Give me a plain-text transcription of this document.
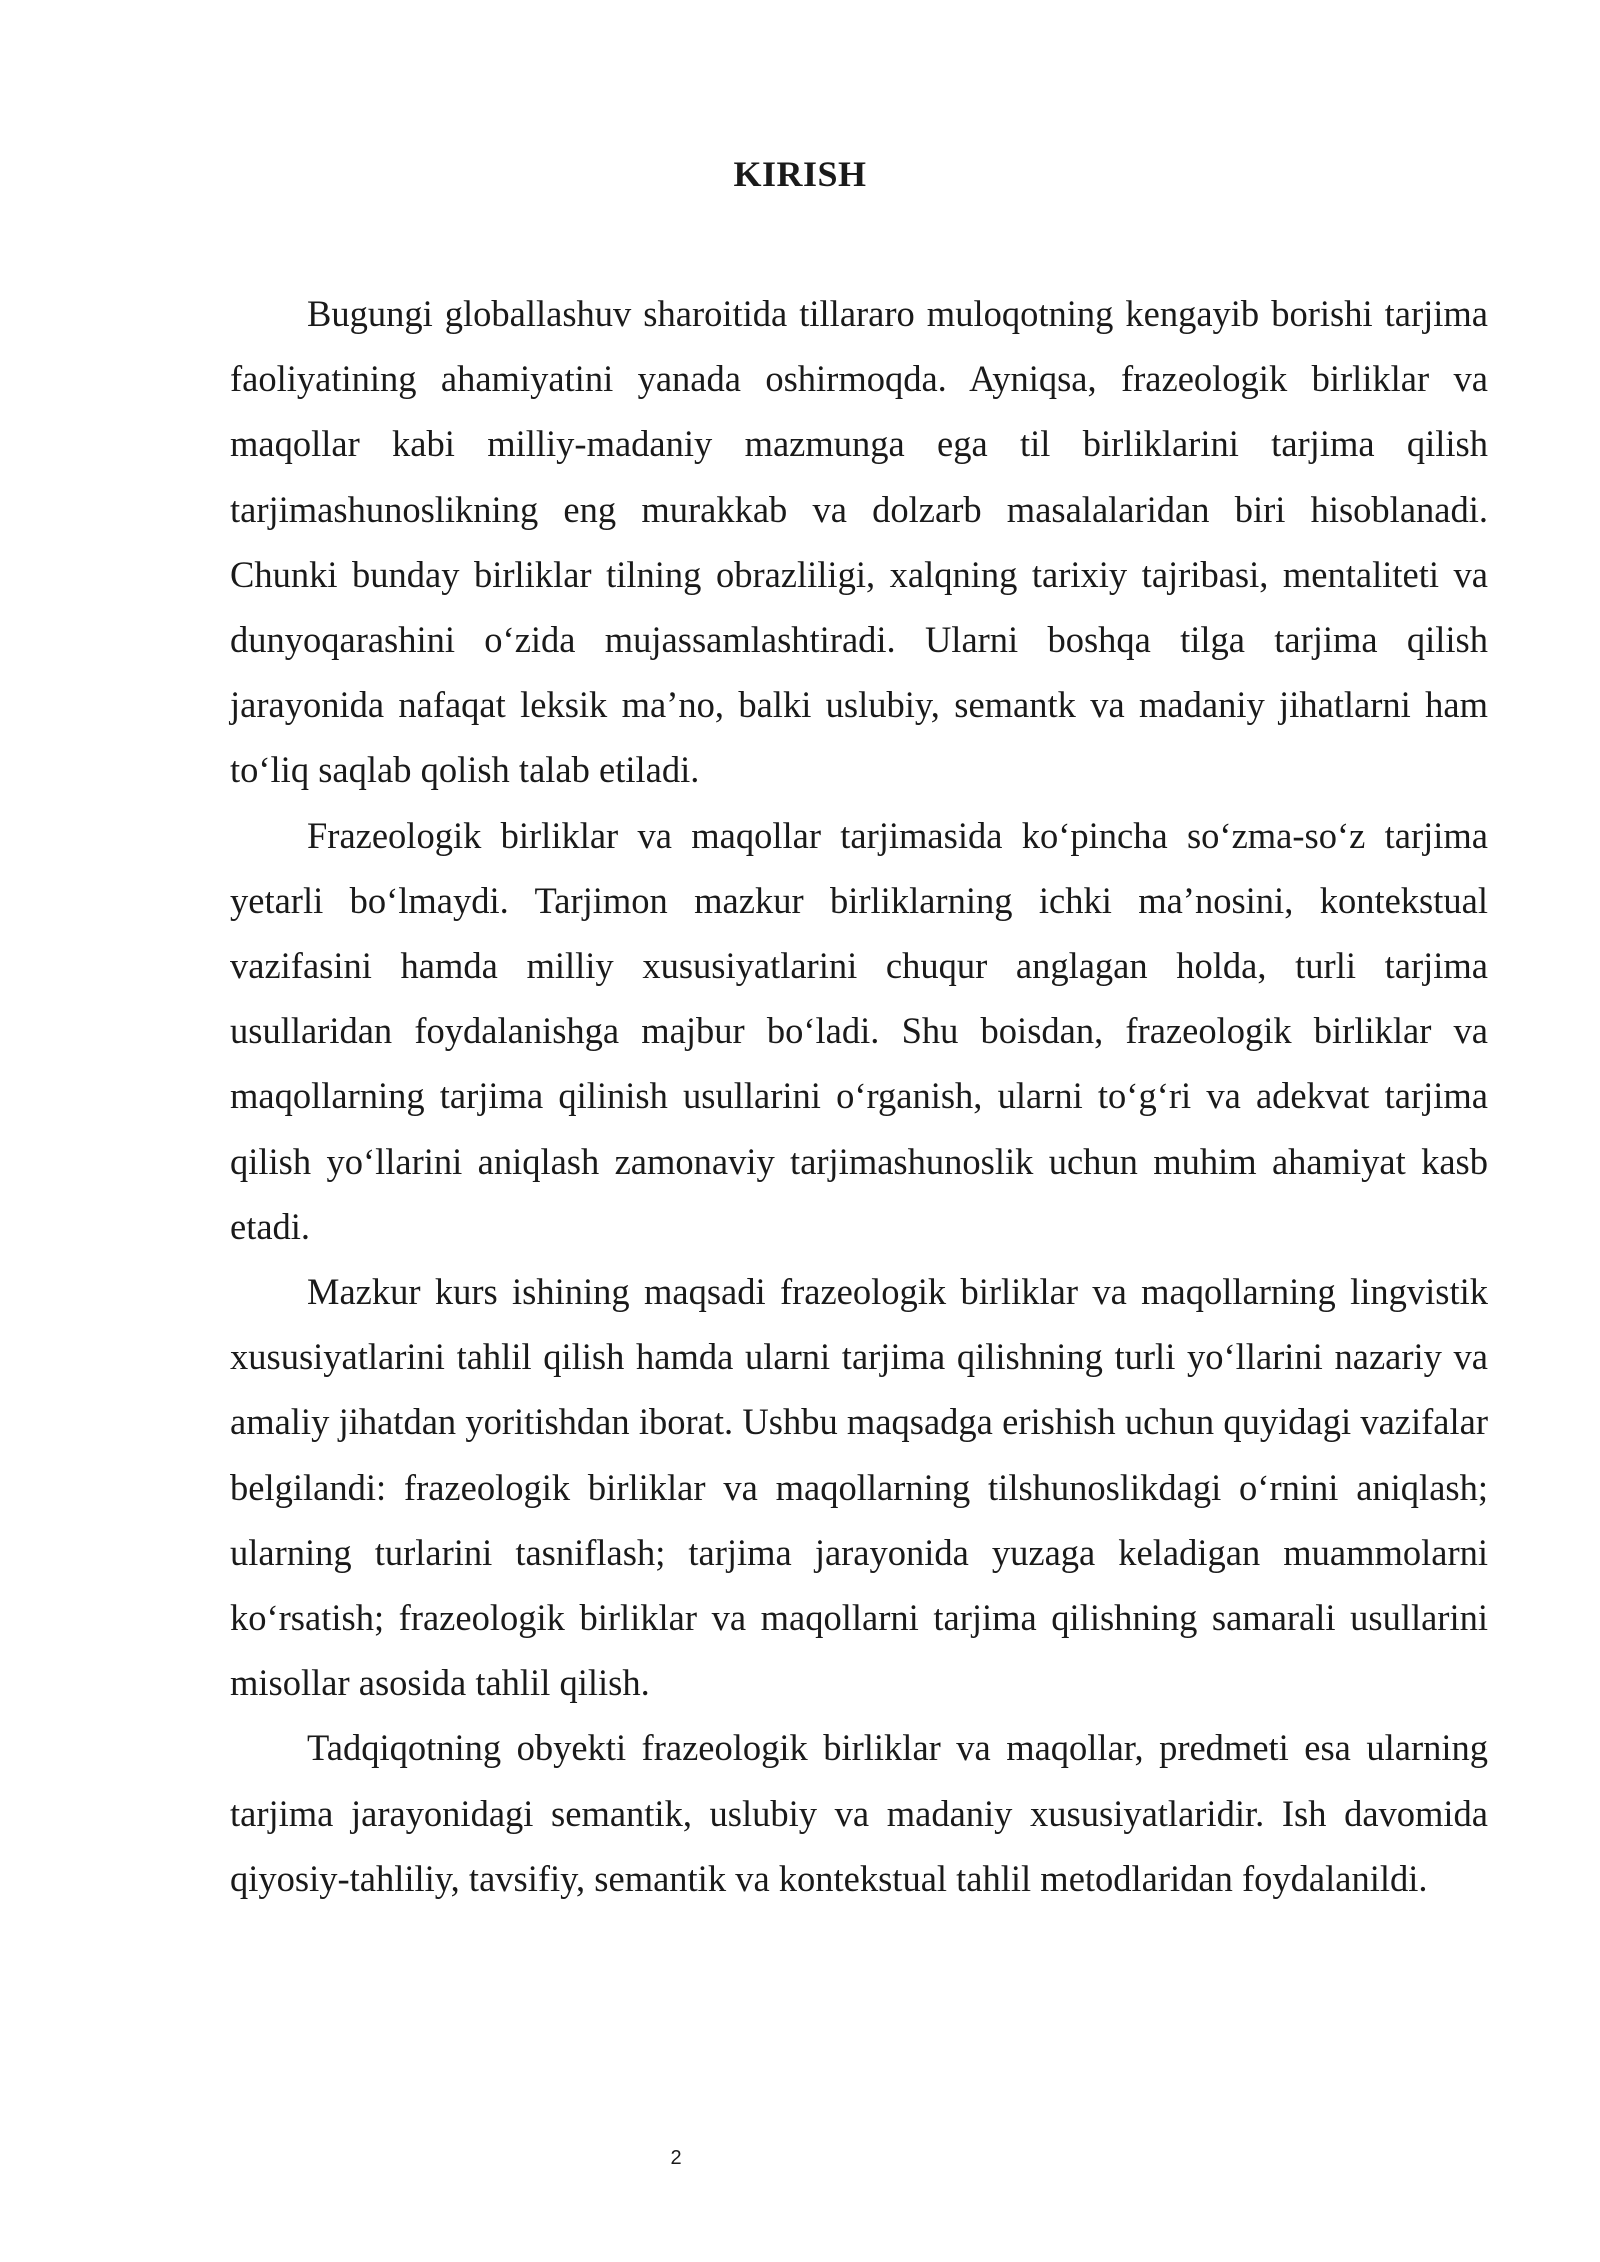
KIRISH

Bugungi globallashuv sharoitida tillararo muloqotning kengayib borishi tarjima faoliyatining ahamiyatini yanada oshirmoqda. Ayniqsa, frazeologik birliklar va maqollar kabi milliy-madaniy mazmunga ega til birliklarini tarjima qilish tarjimashunoslikning eng murakkab va dolzarb masalalaridan biri hisoblanadi. Chunki bunday birliklar tilning obrazliligi, xalqning tarixiy tajribasi, mentaliteti va dunyoqarashini o‘zida mujassamlashtiradi. Ularni boshqa tilga tarjima qilish jarayonida nafaqat leksik ma’no, balki uslubiy, semantk va madaniy jihatlarni ham to‘liq saqlab qolish talab etiladi.

Frazeologik birliklar va maqollar tarjimasida ko‘pincha so‘zma-so‘z tarjima yetarli bo‘lmaydi. Tarjimon mazkur birliklarning ichki ma’nosini, kontekstual vazifasini hamda milliy xususiyatlarini chuqur anglagan holda, turli tarjima usullaridan foydalanishga majbur bo‘ladi. Shu boisdan, frazeologik birliklar va maqollarning tarjima qilinish usullarini o‘rganish, ularni to‘g‘ri va adekvat tarjima qilish yo‘llarini aniqlash zamonaviy tarjimashunoslik uchun muhim ahamiyat kasb etadi.

Mazkur kurs ishining maqsadi frazeologik birliklar va maqollarning lingvistik xususiyatlarini tahlil qilish hamda ularni tarjima qilishning turli yo‘llarini nazariy va amaliy jihatdan yoritishdan iborat. Ushbu maqsadga erishish uchun quyidagi vazifalar belgilandi: frazeologik birliklar va maqollarning tilshunoslikdagi o‘rnini aniqlash; ularning turlarini tasniflash; tarjima jarayonida yuzaga keladigan muammolarni ko‘rsatish; frazeologik birliklar va maqollarni tarjima qilishning samarali usullarini misollar asosida tahlil qilish.

Tadqiqotning obyekti frazeologik birliklar va maqollar, predmeti esa ularning tarjima jarayonidagi semantik, uslubiy va madaniy xususiyatlaridir. Ish davomida qiyosiy-tahliliy, tavsifiy, semantik va kontekstual tahlil metodlaridan foydalanildi.

2
